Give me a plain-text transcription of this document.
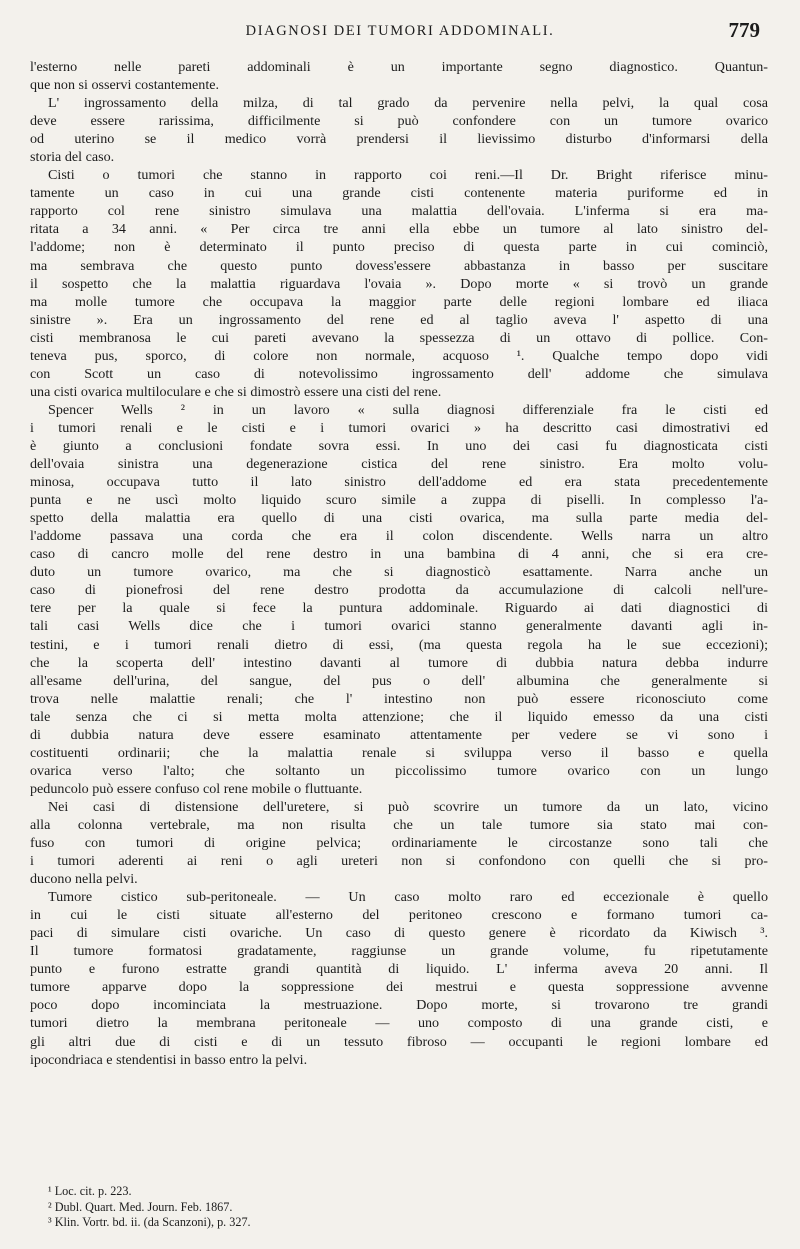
DIAGNOSI DEI TUMORI ADDOMINALI.	779
l'esterno nelle pareti addominali è un importante segno diagnostico. Quantun-
que non si osservi costantemente.
L' ingrossamento della milza, di tal grado da pervenire nella pelvi, la qual cosa
deve essere rarissima, difficilmente si può confondere con un tumore ovarico
od uterino se il medico vorrà prendersi il lievissimo disturbo d'informarsi della
storia del caso.
Cisti o tumori che stanno in rapporto coi reni.—Il Dr. Bright riferisce minu-
tamente un caso in cui una grande cisti contenente materia puriforme ed in
rapporto col rene sinistro simulava una malattia dell'ovaia. L'inferma si era ma-
ritata a 34 anni. « Per circa tre anni ella ebbe un tumore al lato sinistro del-
l'addome; non è determinato il punto preciso di questa parte in cui cominciò,
ma sembrava che questo punto dovess'essere abbastanza in basso per suscitare
il sospetto che la malattia riguardava l'ovaia ». Dopo morte « si trovò un grande
ma molle tumore che occupava la maggior parte delle regioni lombare ed iliaca
sinistre ». Era un ingrossamento del rene ed al taglio aveva l' aspetto di una
cisti membranosa le cui pareti avevano la spessezza di un ottavo di pollice. Con-
teneva pus, sporco, di colore non normale, acquoso ¹. Qualche tempo dopo vidi
con Scott un caso di notevolissimo ingrossamento dell' addome che simulava
una cisti ovarica multiloculare e che si dimostrò essere una cisti del rene.
Spencer Wells ² in un lavoro « sulla diagnosi differenziale fra le cisti ed
i tumori renali e le cisti e i tumori ovarici » ha descritto casi dimostrativi ed
è giunto a conclusioni fondate sovra essi. In uno dei casi fu diagnosticata cisti
dell'ovaia sinistra una degenerazione cistica del rene sinistro. Era molto volu-
minosa, occupava tutto il lato sinistro dell'addome ed era stata precedentemente
punta e ne uscì molto liquido scuro simile a zuppa di piselli. In complesso l'a-
spetto della malattia era quello di una cisti ovarica, ma sulla parte media del-
l'addome passava una corda che era il colon discendente. Wells narra un altro
caso di cancro molle del rene destro in una bambina di 4 anni, che si era cre-
duto un tumore ovarico, ma che si diagnosticò esattamente. Narra anche un
caso di pionefrosi del rene destro prodotta da accumulazione di calcoli nell'ure-
tere per la quale si fece la puntura addominale. Riguardo ai dati diagnostici di
tali casi Wells dice che i tumori ovarici stanno generalmente davanti agli in-
testini, e i tumori renali dietro di essi, (ma questa regola ha le sue eccezioni);
che la scoperta dell' intestino davanti al tumore di dubbia natura debba indurre
all'esame dell'urina, del sangue, del pus o dell' albumina che generalmente si
trova nelle malattie renali; che l' intestino non può essere riconosciuto come
tale senza che ci si metta molta attenzione; che il liquido emesso da una cisti
di dubbia natura deve essere esaminato attentamente per vedere se vi sono i
costituenti ordinarii; che la malattia renale si sviluppa verso il basso e quella
ovarica verso l'alto; che soltanto un piccolissimo tumore ovarico con un lungo
peduncolo può essere confuso col rene mobile o fluttuante.
Nei casi di distensione dell'uretere, si può scovrire un tumore da un lato, vicino
alla colonna vertebrale, ma non risulta che un tale tumore sia stato mai con-
fuso con tumori di origine pelvica; ordinariamente le circostanze sono tali che
i tumori aderenti ai reni o agli ureteri non si confondono con quelli che si pro-
ducono nella pelvi.
Tumore cistico sub-peritoneale. — Un caso molto raro ed eccezionale è quello
in cui le cisti situate all'esterno del peritoneo crescono e formano tumori ca-
paci di simulare cisti ovariche. Un caso di questo genere è ricordato da Kiwisch ³.
Il tumore formatosi gradatamente, raggiunse un grande volume, fu ripetutamente
punto e furono estratte grandi quantità di liquido. L' inferma aveva 20 anni. Il
tumore apparve dopo la soppressione dei mestrui e questa soppressione avvenne
poco dopo incominciata la mestruazione. Dopo morte, si trovarono tre grandi
tumori dietro la membrana peritoneale — uno composto di una grande cisti, e
gli altri due di cisti e di un tessuto fibroso — occupanti le regioni lombare ed
ipocondriaca e stendentisi in basso entro la pelvi.
¹ Loc. cit. p. 223.
² Dubl. Quart. Med. Journ. Feb. 1867.
³ Klin. Vortr. bd. ii. (da Scanzoni), p. 327.
